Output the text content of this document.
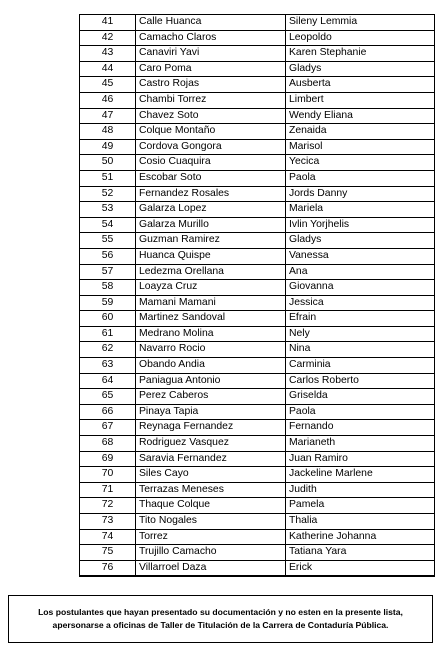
41	Calle Huanca	Sileny Lemmia
42	Camacho Claros	Leopoldo
43	Canaviri Yavi	Karen Stephanie
44	Caro Poma	Gladys
45	Castro Rojas	Ausberta
46	Chambi Torrez	Limbert
47	Chavez Soto	Wendy Eliana
48	Colque Montaño	Zenaida
49	Cordova Gongora	Marisol
50	Cosio Cuaquira	Yecica
51	Escobar Soto	Paola
52	Fernandez Rosales	Jords Danny
53	Galarza Lopez	Mariela
54	Galarza Murillo	Ivlin Yorjhelis
55	Guzman Ramirez	Gladys
56	Huanca Quispe	Vanessa
57	Ledezma Orellana	Ana
58	Loayza Cruz	Giovanna
59	Mamani Mamani	Jessica
60	Martinez Sandoval	Efrain
61	Medrano Molina	Nely
62	Navarro Rocio	Nina
63	Obando Andia	Carminia
64	Paniagua Antonio	Carlos Roberto
65	Perez Caberos	Griselda
66	Pinaya Tapia	Paola
67	Reynaga Fernandez	Fernando
68	Rodriguez Vasquez	Marianeth
69	Saravia Fernandez	Juan Ramiro
70	Siles Cayo	Jackeline Marlene
71	Terrazas Meneses	Judith
72	Thaque Colque	Pamela
73	Tito Nogales	Thalia
74	Torrez	Katherine Johanna
75	Trujillo Camacho	Tatiana Yara
76	Villarroel Daza	Erick
Los postulantes que hayan presentado su documentación y no esten en la presente lista,
apersonarse a oficinas de Taller de Titulación de la Carrera de Contaduría Pública.
